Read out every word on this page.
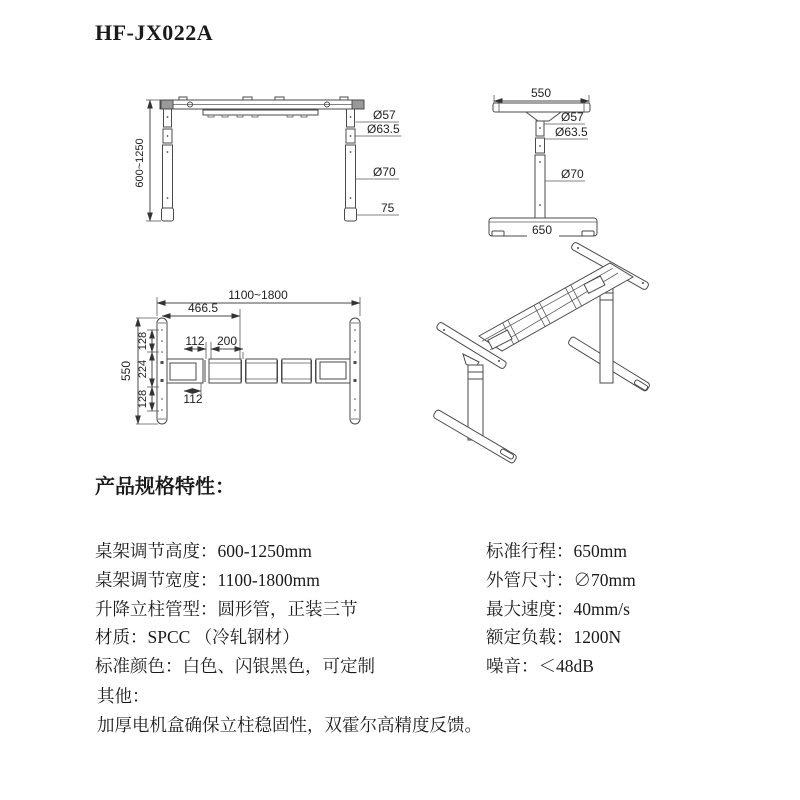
HF-JX022A
600~1250
Ø57
Ø63.5
Ø70
75
550
Ø57
Ø63.5
Ø70
650
1100~1800
466.5
112 200
112
550
128
224
128
产品规格特性：
桌架调节高度：600-1250mm
桌架调节宽度：1100-1800mm
升降立柱管型：圆形管，正装三节
材质：SPCC （冷轧钢材）
标准颜色：白色、闪银黑色，可定制
标准行程：650mm
外管尺寸：∅70mm
最大速度：40mm/s
额定负载：1200N
噪音：＜48dB
其他：
加厚电机盒确保立柱稳固性，双霍尔高精度反馈。
